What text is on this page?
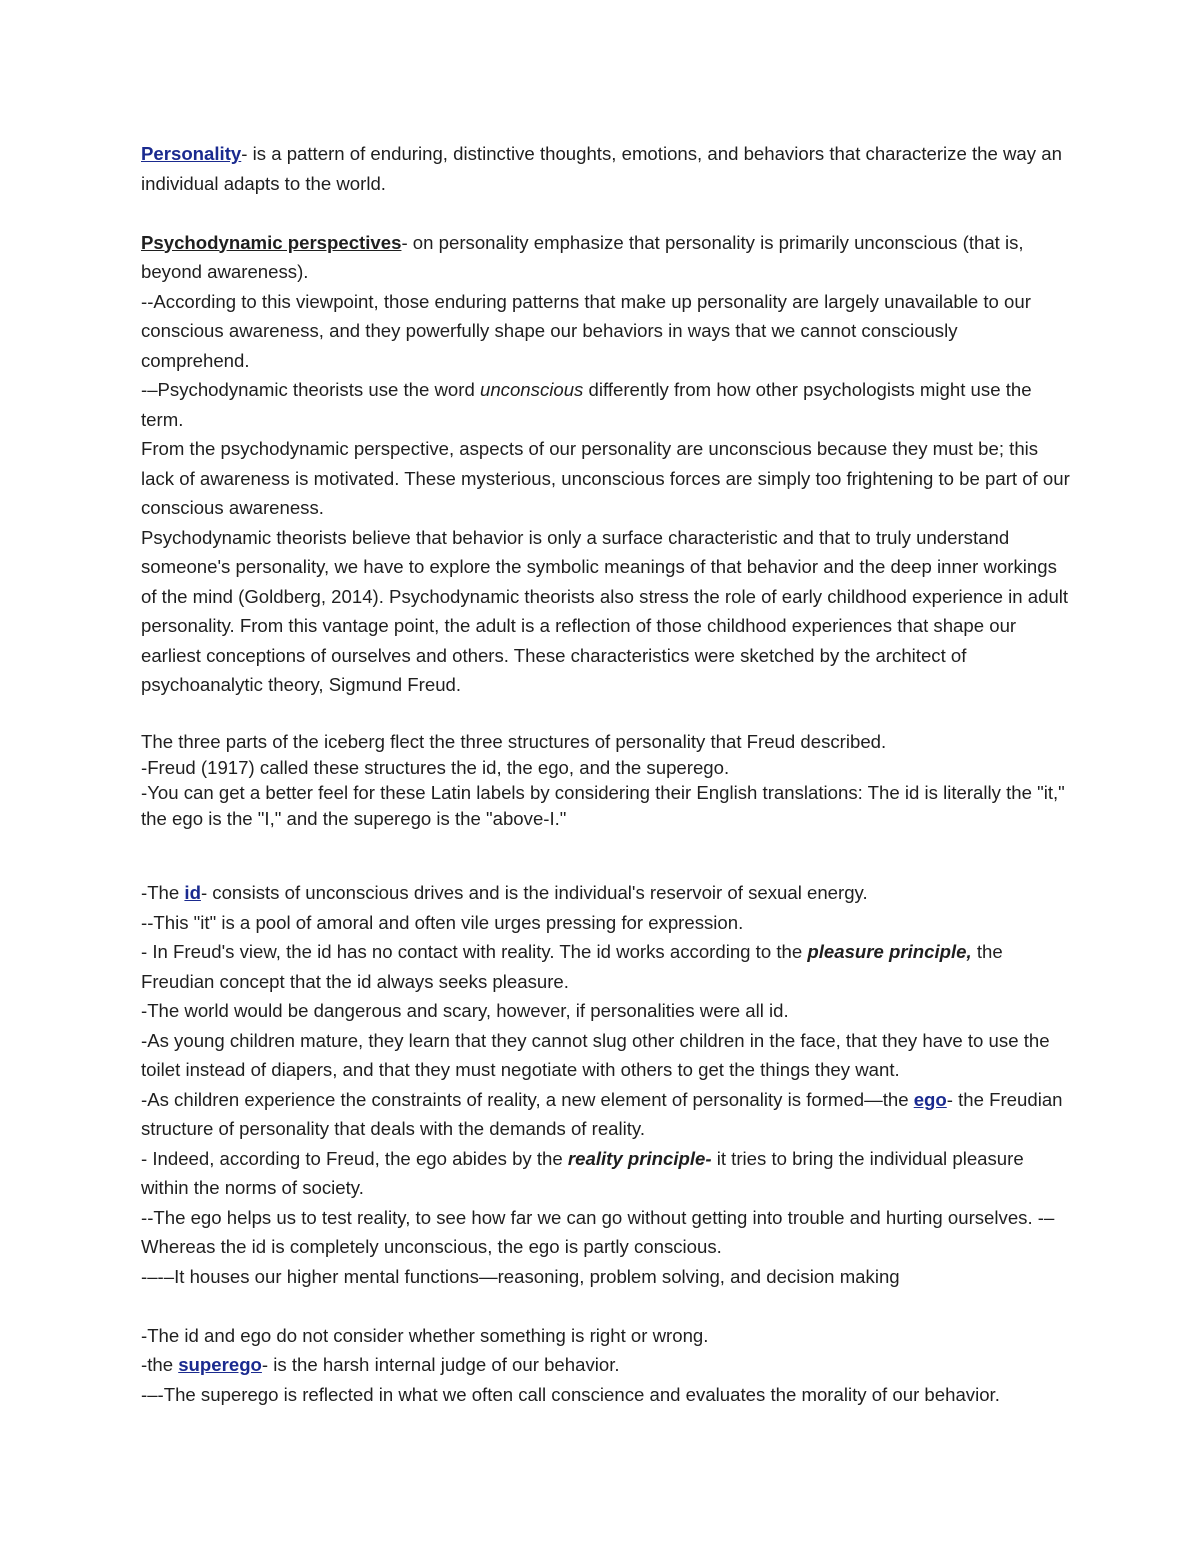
Personality- is a pattern of enduring, distinctive thoughts, emotions, and behaviors that characterize the way an individual adapts to the world.

Psychodynamic perspectives- on personality emphasize that personality is primarily unconscious (that is, beyond awareness).

--According to this viewpoint, those enduring patterns that make up personality are largely unavailable to our conscious awareness, and they powerfully shape our behaviors in ways that we cannot consciously comprehend.

-–Psychodynamic theorists use the word unconscious differently from how other psychologists might use the term.

From the psychodynamic perspective, aspects of our personality are unconscious because they must be; this lack of awareness is motivated. These mysterious, unconscious forces are simply too frightening to be part of our conscious awareness.

Psychodynamic theorists believe that behavior is only a surface characteristic and that to truly understand someone's personality, we have to explore the symbolic meanings of that behavior and the deep inner workings of the mind (Goldberg, 2014). Psychodynamic theorists also stress the role of early childhood experience in adult personality. From this vantage point, the adult is a reflection of those childhood experiences that shape our earliest conceptions of ourselves and others. These characteristics were sketched by the architect of psychoanalytic theory, Sigmund Freud.

The three parts of the iceberg flect the three structures of personality that Freud described.

-Freud (1917) called these structures the id, the ego, and the superego.

-You can get a better feel for these Latin labels by considering their English translations: The id is literally the "it," the ego is the "I," and the superego is the "above-I."

-The id- consists of unconscious drives and is the individual's reservoir of sexual energy.

--This "it" is a pool of amoral and often vile urges pressing for expression.

- In Freud's view, the id has no contact with reality. The id works according to the pleasure principle, the Freudian concept that the id always seeks pleasure.

-The world would be dangerous and scary, however, if personalities were all id.

-As young children mature, they learn that they cannot slug other children in the face, that they have to use the toilet instead of diapers, and that they must negotiate with others to get the things they want.

-As children experience the constraints of reality, a new element of personality is formed—the ego- the Freudian structure of personality that deals with the demands of reality.

- Indeed, according to Freud, the ego abides by the reality principle- it tries to bring the individual pleasure within the norms of society.

--The ego helps us to test reality, to see how far we can go without getting into trouble and hurting ourselves. -–Whereas the id is completely unconscious, the ego is partly conscious.

-–-–It houses our higher mental functions—reasoning, problem solving, and decision making

-The id and ego do not consider whether something is right or wrong.

-the superego- is the harsh internal judge of our behavior.

-–-The superego is reflected in what we often call conscience and evaluates the morality of our behavior.
